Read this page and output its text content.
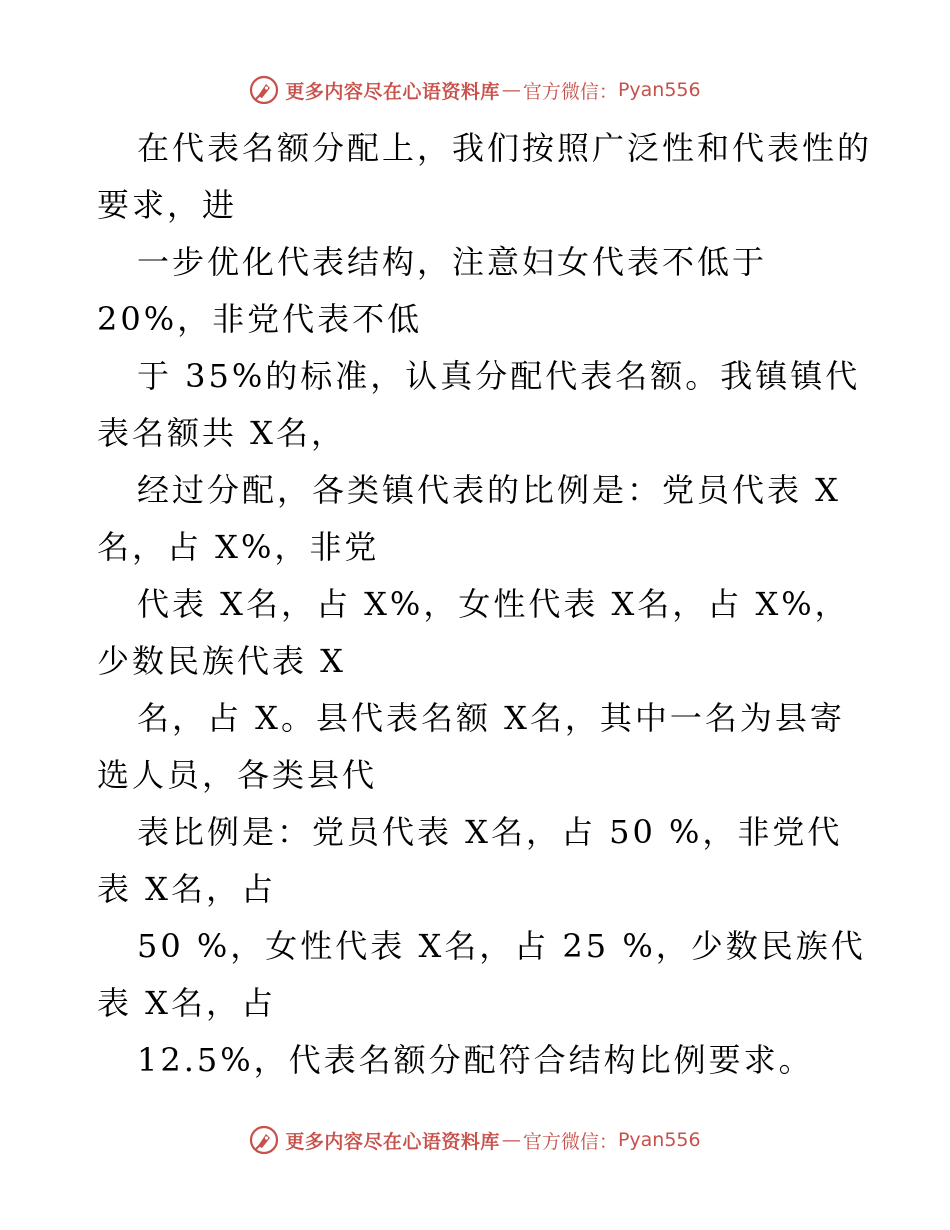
更多内容尽在心语资料库 — 官方微信： Pyan556
在代表名额分配上，我们按照广泛性和代表性的
要求，进
一步优化代表结构，注意妇女代表不低于
20%，非党代表不低
于 35%的标准，认真分配代表名额。我镇镇代
表名额共 X名，
经过分配，各类镇代表的比例是：党员代表 X
名，占 X%，非党
代表 X名，占 X%，女性代表 X名，占 X%，
少数民族代表 X
名，占 X。县代表名额 X名，其中一名为县寄
选人员，各类县代
表比例是：党员代表 X名，占 50 %，非党代
表 X名，占
50 %，女性代表 X名，占 25 %，少数民族代
表 X名，占
12.5%，代表名额分配符合结构比例要求。
更多内容尽在心语资料库 — 官方微信： Pyan556
